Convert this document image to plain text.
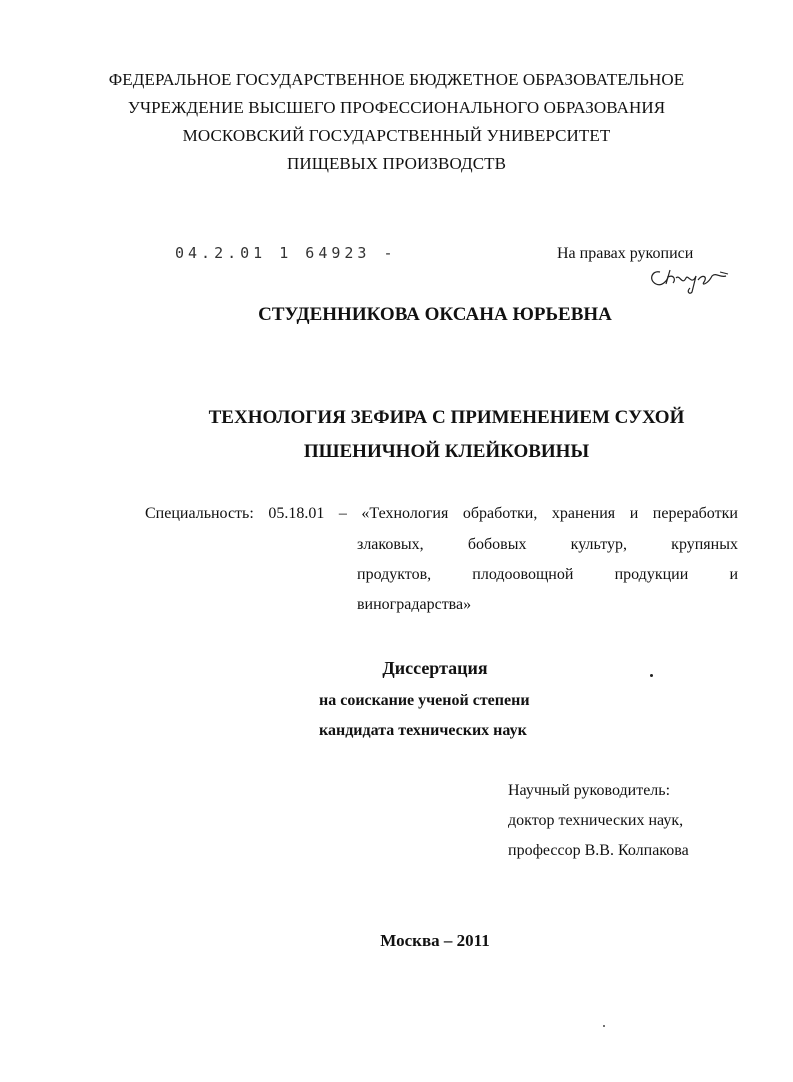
ФЕДЕРАЛЬНОЕ ГОСУДАРСТВЕННОЕ БЮДЖЕТНОЕ ОБРАЗОВАТЕЛЬНОЕ
УЧРЕЖДЕНИЕ ВЫСШЕГО ПРОФЕССИОНАЛЬНОГО ОБРАЗОВАНИЯ
МОСКОВСКИЙ ГОСУДАРСТВЕННЫЙ УНИВЕРСИТЕТ
ПИЩЕВЫХ ПРОИЗВОДСТВ
04.2.01 1 64923 -	На правах рукописи
СТУДЕННИКОВА ОКСАНА ЮРЬЕВНА
ТЕХНОЛОГИЯ ЗЕФИРА С ПРИМЕНЕНИЕМ СУХОЙ
ПШЕНИЧНОЙ КЛЕЙКОВИНЫ
Специальность: 05.18.01 – «Технология обработки, хранения и переработки
злаковых,	бобовых	культур,	крупяных
продуктов,	плодоовощной	продукции	и
виноградарства»
Диссертация
на соискание ученой степени
кандидата технических наук
Научный руководитель:
доктор технических наук,
профессор В.В. Колпакова
Москва – 2011
